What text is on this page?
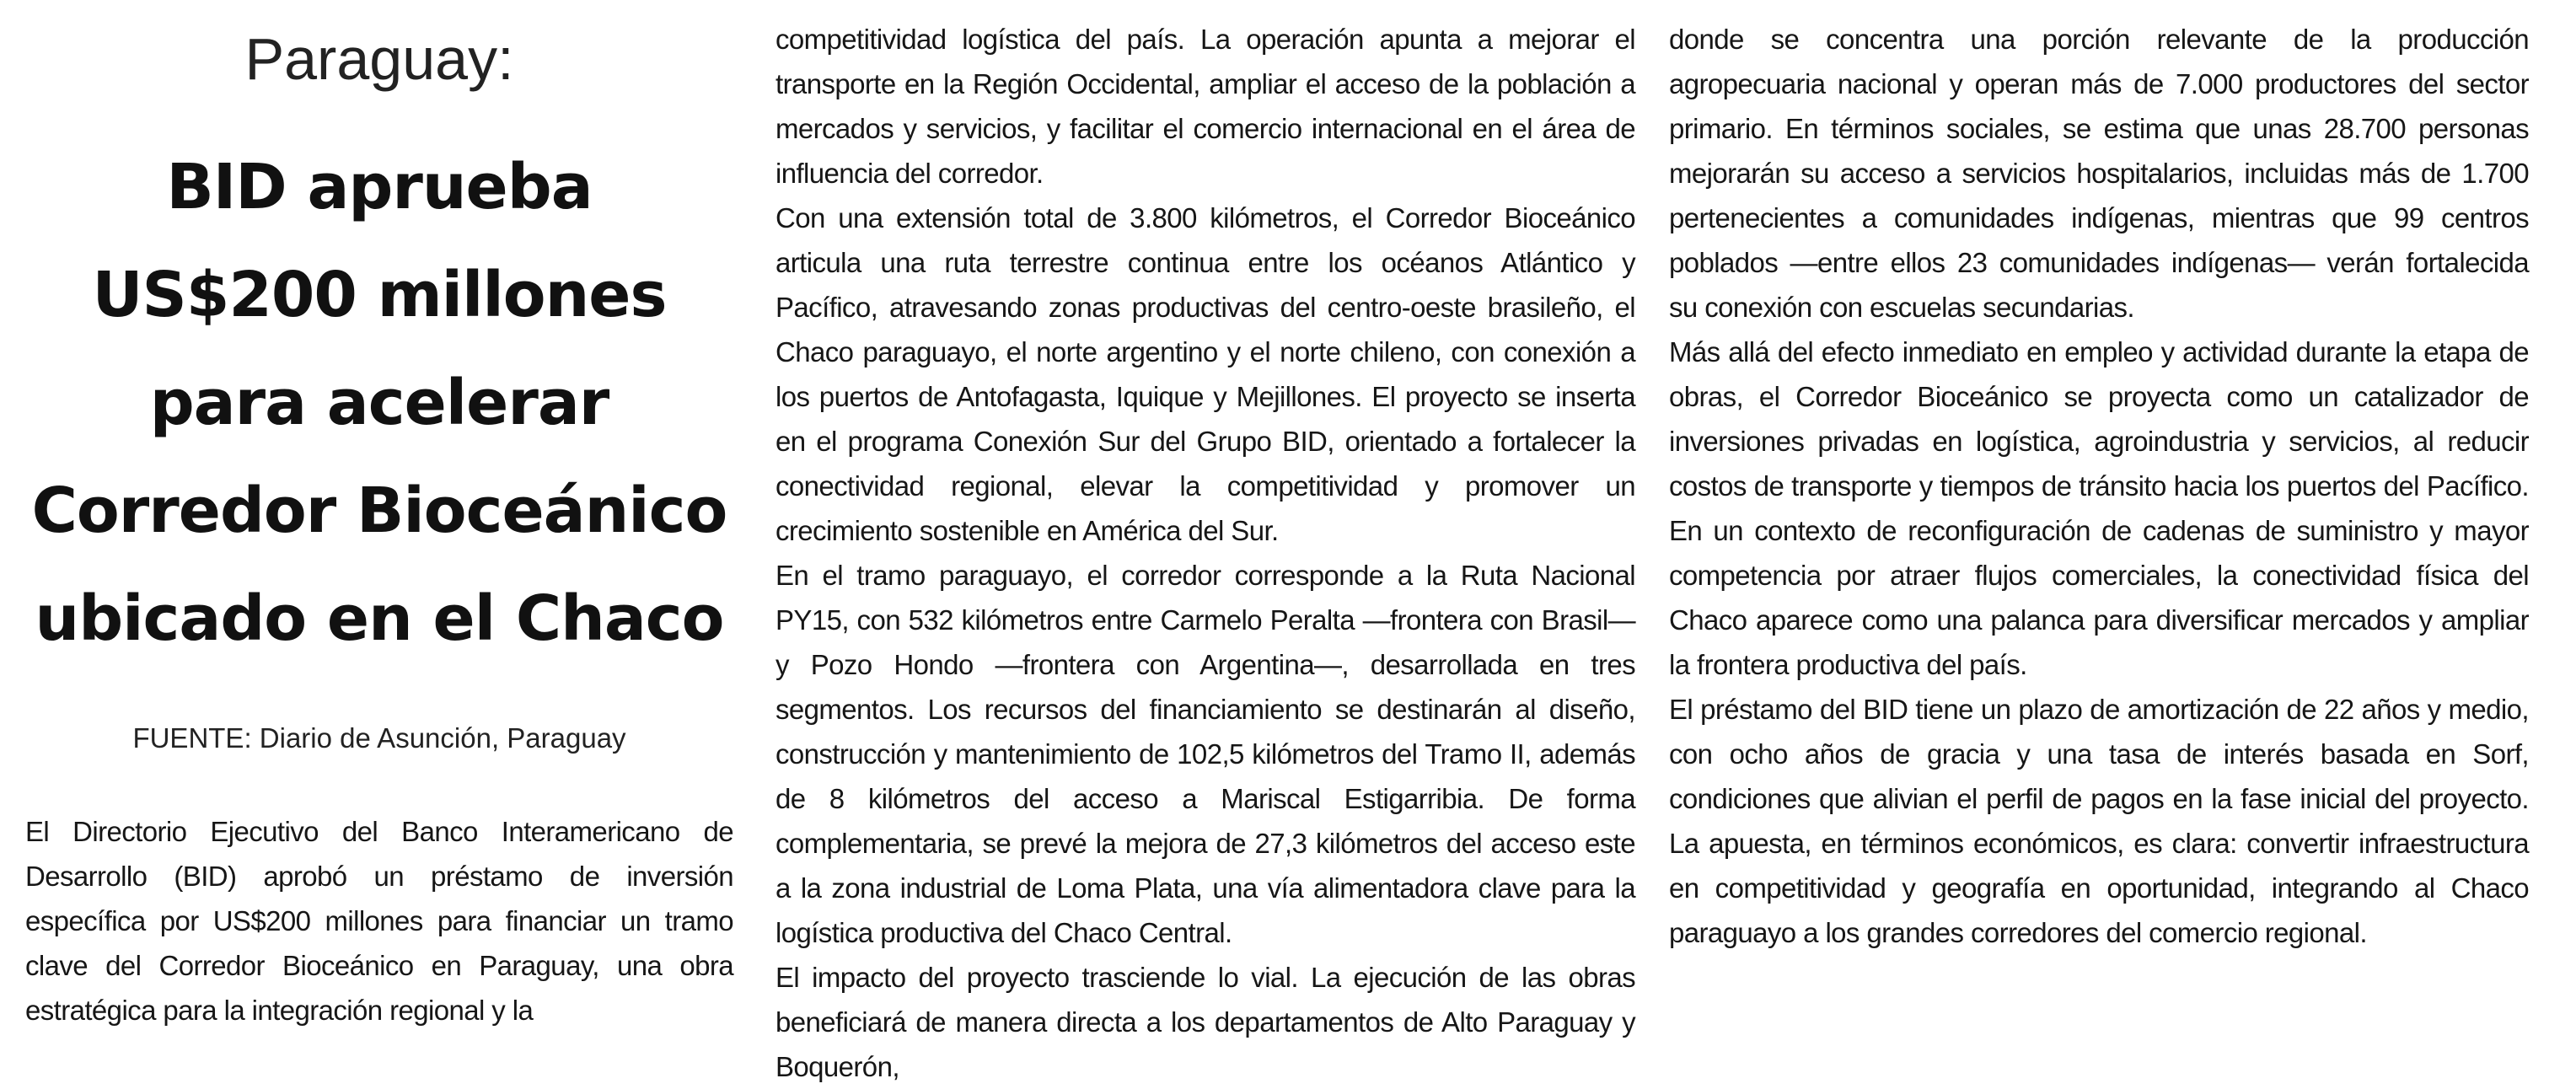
Paraguay:
BID aprueba US$200 millones para acelerar Corredor Bioceánico ubicado en el Chaco

FUENTE: Diario de Asunción, Paraguay

El Directorio Ejecutivo del Banco Interamericano de Desarrollo (BID) aprobó un préstamo de inversión específica por US$200 millones para financiar un tramo clave del Corredor Bioceánico en Paraguay, una obra estratégica para la integración regional y la

competitividad logística del país. La operación apunta a mejorar el transporte en la Región Occidental, ampliar el acceso de la población a mercados y servicios, y facilitar el comercio internacional en el área de influencia del corredor.

Con una extensión total de 3.800 kilómetros, el Corredor Bioceánico articula una ruta terrestre continua entre los océanos Atlántico y Pacífico, atravesando zonas productivas del centro-oeste brasileño, el Chaco paraguayo, el norte argentino y el norte chileno, con conexión a los puertos de Antofagasta, Iquique y Mejillones. El proyecto se inserta en el programa Conexión Sur del Grupo BID, orientado a fortalecer la conectividad regional, elevar la competitividad y promover un crecimiento sostenible en América del Sur.

En el tramo paraguayo, el corredor corresponde a la Ruta Nacional PY15, con 532 kilómetros entre Carmelo Peralta —frontera con Brasil— y Pozo Hondo —frontera con Argentina—, desarrollada en tres segmentos. Los recursos del financiamiento se destinarán al diseño, construcción y mantenimiento de 102,5 kilómetros del Tramo II, además de 8 kilómetros del acceso a Mariscal Estigarribia. De forma complementaria, se prevé la mejora de 27,3 kilómetros del acceso este a la zona industrial de Loma Plata, una vía alimentadora clave para la logística productiva del Chaco Central.

El impacto del proyecto trasciende lo vial. La ejecución de las obras beneficiará de manera directa a los departamentos de Alto Paraguay y Boquerón,

donde se concentra una porción relevante de la producción agropecuaria nacional y operan más de 7.000 productores del sector primario. En términos sociales, se estima que unas 28.700 personas mejorarán su acceso a servicios hospitalarios, incluidas más de 1.700 pertenecientes a comunidades indígenas, mientras que 99 centros poblados —entre ellos 23 comunidades indígenas— verán fortalecida su conexión con escuelas secundarias.

Más allá del efecto inmediato en empleo y actividad durante la etapa de obras, el Corredor Bioceánico se proyecta como un catalizador de inversiones privadas en logística, agroindustria y servicios, al reducir costos de transporte y tiempos de tránsito hacia los puertos del Pacífico. En un contexto de reconfiguración de cadenas de suministro y mayor competencia por atraer flujos comerciales, la conectividad física del Chaco aparece como una palanca para diversificar mercados y ampliar la frontera productiva del país.

El préstamo del BID tiene un plazo de amortización de 22 años y medio, con ocho años de gracia y una tasa de interés basada en Sorf, condiciones que alivian el perfil de pagos en la fase inicial del proyecto. La apuesta, en términos económicos, es clara: convertir infraestructura en competitividad y geografía en oportunidad, integrando al Chaco paraguayo a los grandes corredores del comercio regional.
